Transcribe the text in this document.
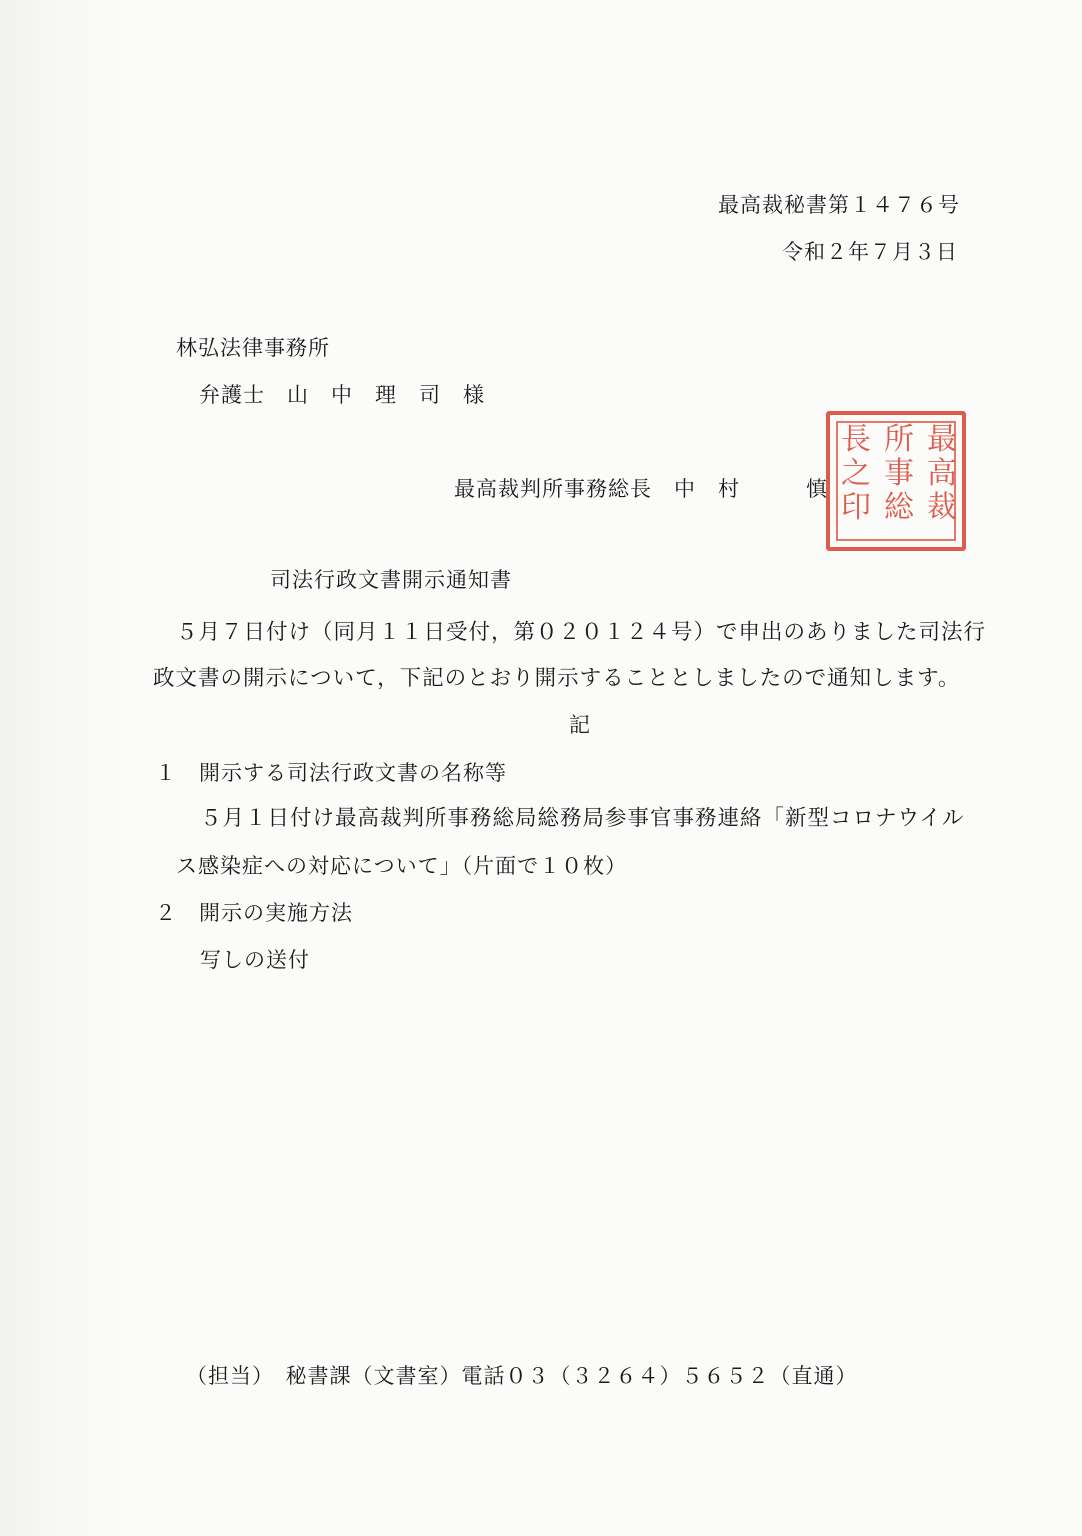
最高裁秘書第１４７６号
令和２年７月３日
林弘法律事務所
弁護士　山　中　理　司　様
最高裁判所事務総長　中　村　　　慎
最
高
裁
所
事
総
長
之
印
司法行政文書開示通知書
５月７日付け（同月１１日受付，第０２０１２４号）で申出のありました司法行
政文書の開示について，下記のとおり開示することとしましたので通知します。
記
１　開示する司法行政文書の名称等
５月１日付け最高裁判所事務総局総務局参事官事務連絡「新型コロナウイル
ス感染症への対応について」（片面で１０枚）
２　開示の実施方法
写しの送付
（担当）　秘書課（文書室）電話０３（３２６４）５６５２（直通）
